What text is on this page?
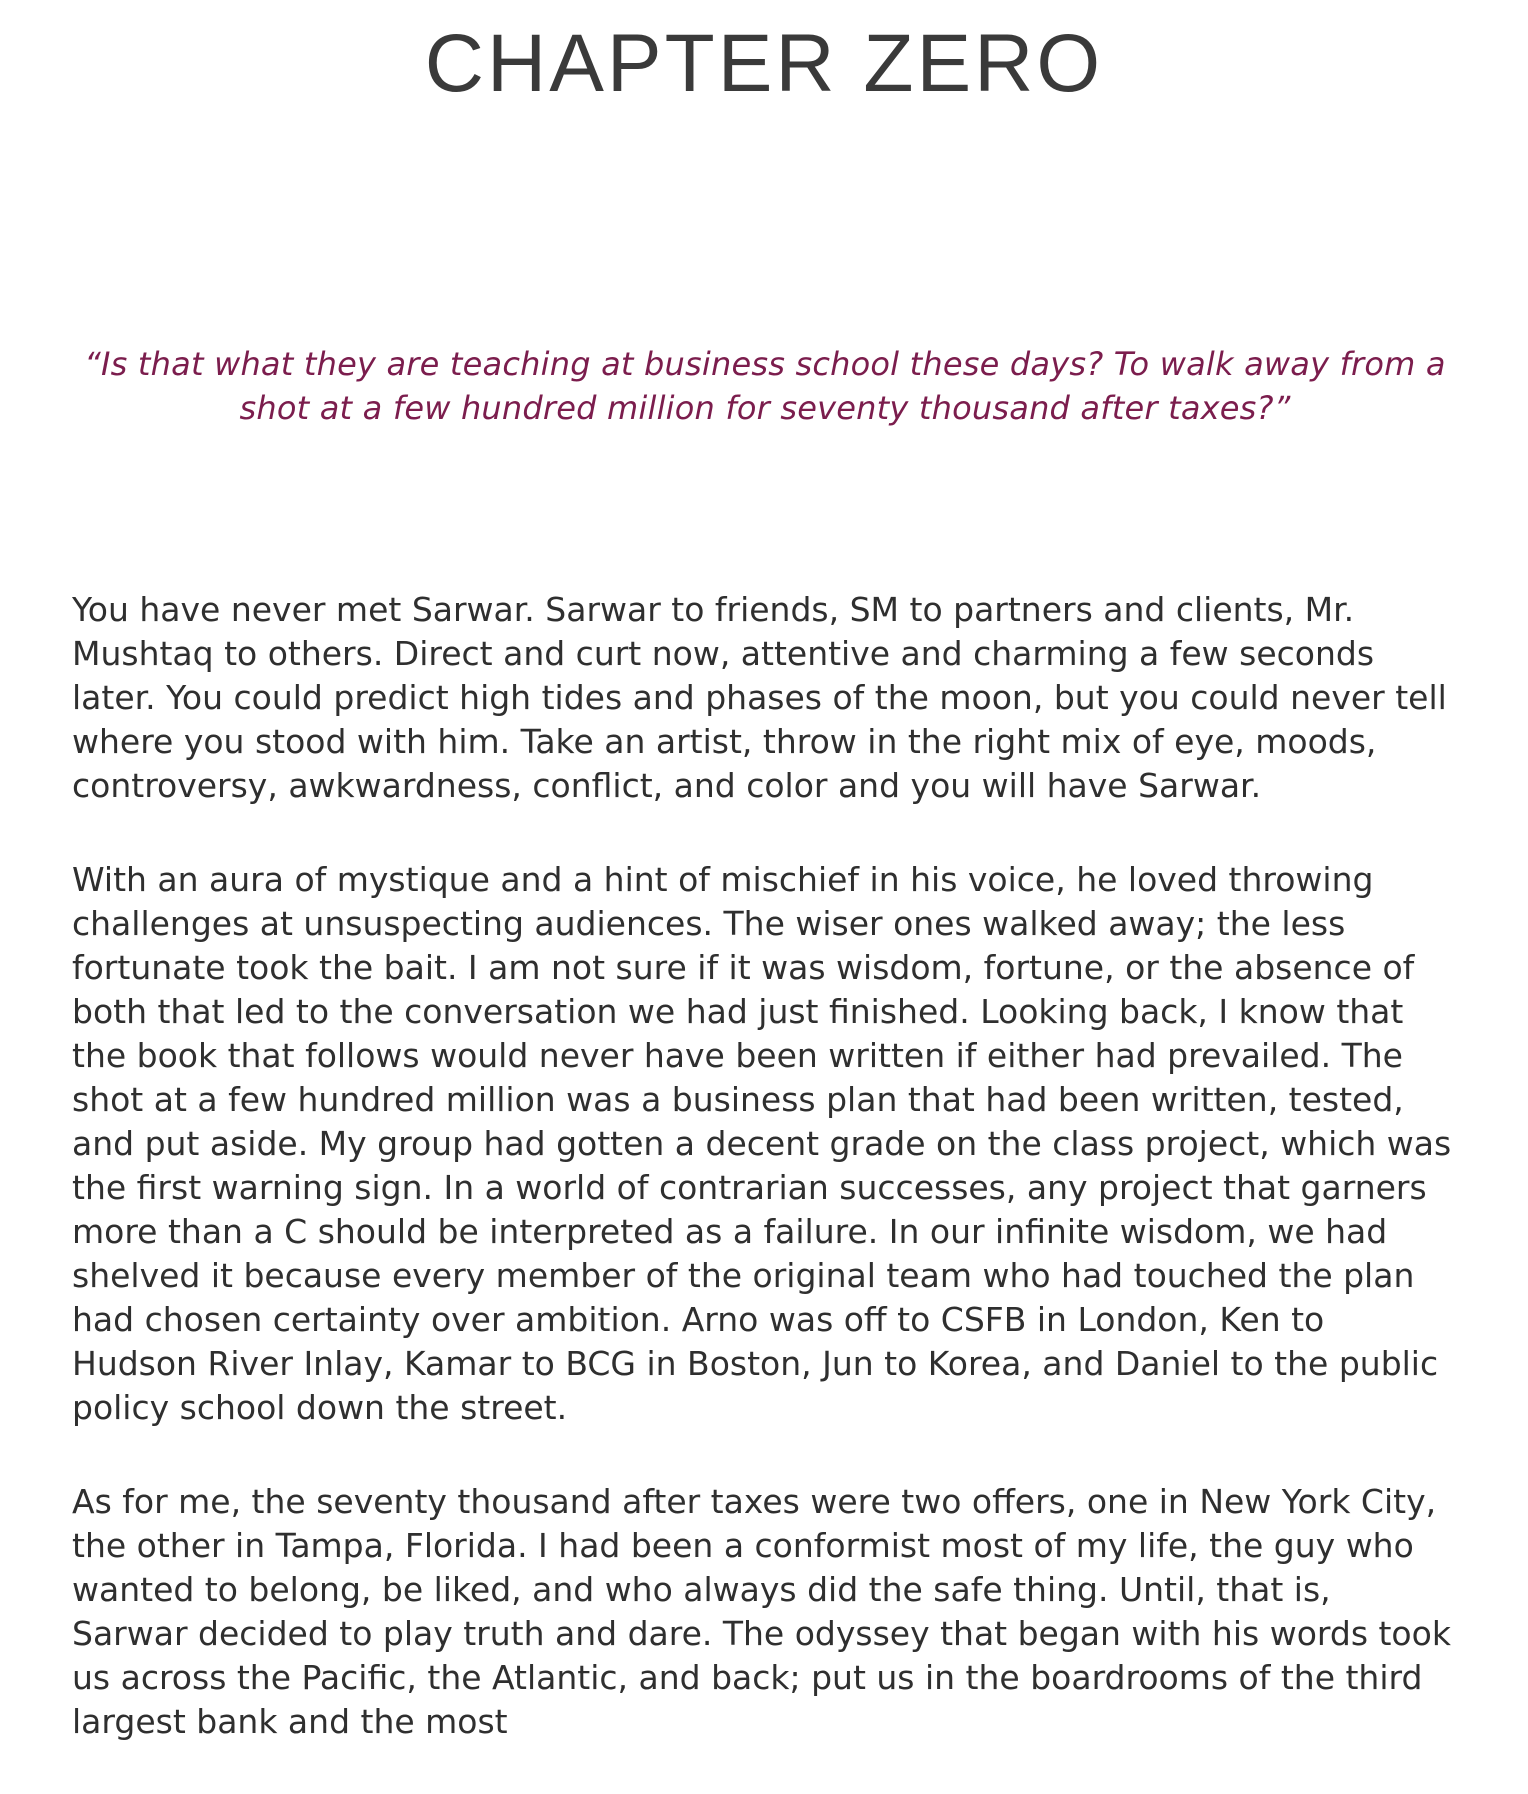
CHAPTER ZERO

“Is that what they are teaching at business school these days? To walk away from a shot at a few hundred million for seventy thousand after taxes?”

You have never met Sarwar. Sarwar to friends, SM to partners and clients, Mr. Mushtaq to others. Direct and curt now, attentive and charming a few seconds later. You could predict high tides and phases of the moon, but you could never tell where you stood with him. Take an artist, throw in the right mix of eye, moods, controversy, awkwardness, conflict, and color and you will have Sarwar.

With an aura of mystique and a hint of mischief in his voice, he loved throwing challenges at unsuspecting audiences. The wiser ones walked away; the less fortunate took the bait. I am not sure if it was wisdom, fortune, or the absence of both that led to the conversation we had just finished. Looking back, I know that the book that follows would never have been written if either had prevailed. The shot at a few hundred million was a business plan that had been written, tested, and put aside. My group had gotten a decent grade on the class project, which was the first warning sign. In a world of contrarian successes, any project that garners more than a C should be interpreted as a failure. In our infinite wisdom, we had shelved it because every member of the original team who had touched the plan had chosen certainty over ambition. Arno was off to CSFB in London, Ken to Hudson River Inlay, Kamar to BCG in Boston, Jun to Korea, and Daniel to the public policy school down the street.

As for me, the seventy thousand after taxes were two offers, one in New York City, the other in Tampa, Florida. I had been a conformist most of my life, the guy who wanted to belong, be liked, and who always did the safe thing. Until, that is, Sarwar decided to play truth and dare. The odyssey that began with his words took us across the Pacific, the Atlantic, and back; put us in the boardrooms of the third largest bank and the most
